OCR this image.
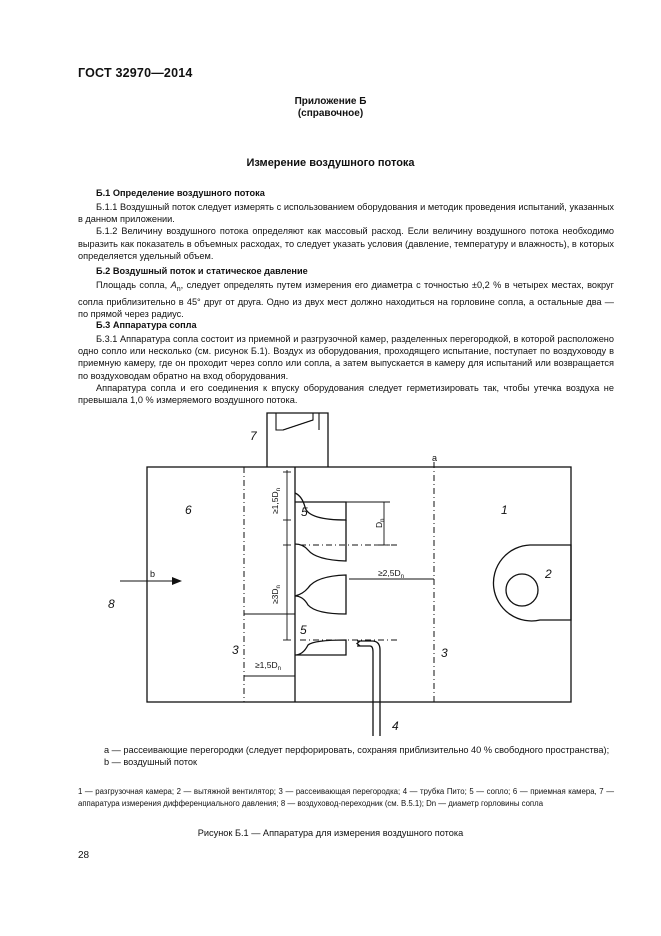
ГОСТ 32970—2014
Приложение Б
(справочное)
Измерение воздушного потока
Б.1 Определение воздушного потока

Б.1.1 Воздушный поток следует измерять с использованием оборудования и методик проведения испытаний, указанных в данном приложении.

Б.1.2 Величину воздушного потока определяют как массовый расход. Если величину воздушного потока необходимо выразить как показатель в объемных расходах, то следует указать условия (давление, температуру и влажность), в которых определяется удельный объем.

Б.2 Воздушный поток и статическое давление

Площадь сопла, $A_n$, следует определять путем измерения его диаметра с точностью ±0,2 % в четырех местах, вокруг сопла приблизительно в 45° друг от друга. Одно из двух мест должно находиться на горловине сопла, а остальные два — по прямой через радиус.

Б.3 Аппаратура сопла

Б.3.1 Аппаратура сопла состоит из приемной и разгрузочной камер, разделенных перегородкой, в которой расположено одно сопло или несколько (см. рисунок Б.1). Воздух из оборудования, проходящего испытание, поступает по воздуховоду в приемную камеру, где он проходит через сопло или сопла, а затем выпускается в камеру для испытаний или возвращается по воздуховодам обратно на вход оборудования.

Аппаратура сопла и его соединения к впуску оборудования следует герметизировать так, чтобы утечка воздуха не превышала 1,0 % измеряемого воздушного потока.

6	1
2
3	3
4
5
5
7
8
a
b
$\ge 1,5D_n$
$\ge 3D_n$
$\ge 1,5D_n$
$\ge 2,5D_n$
$D_n$

a — рассеивающие перегородки (следует перфорировать, сохраняя приблизительно 40 % свободного пространства);

b — воздушный поток

1 — разгрузочная камера; 2 — вытяжной вентилятор; 3 — рассеивающая перегородка; 4 — трубка Пито; 5 — сопло; 6 — приемная камера, 7 — аппаратура измерения дифференциального давления; 8 — воздуховод-переходник (см. В.5.1); Dn — диаметр горловины сопла
Рисунок Б.1 — Аппаратура для измерения воздушного потока
28
